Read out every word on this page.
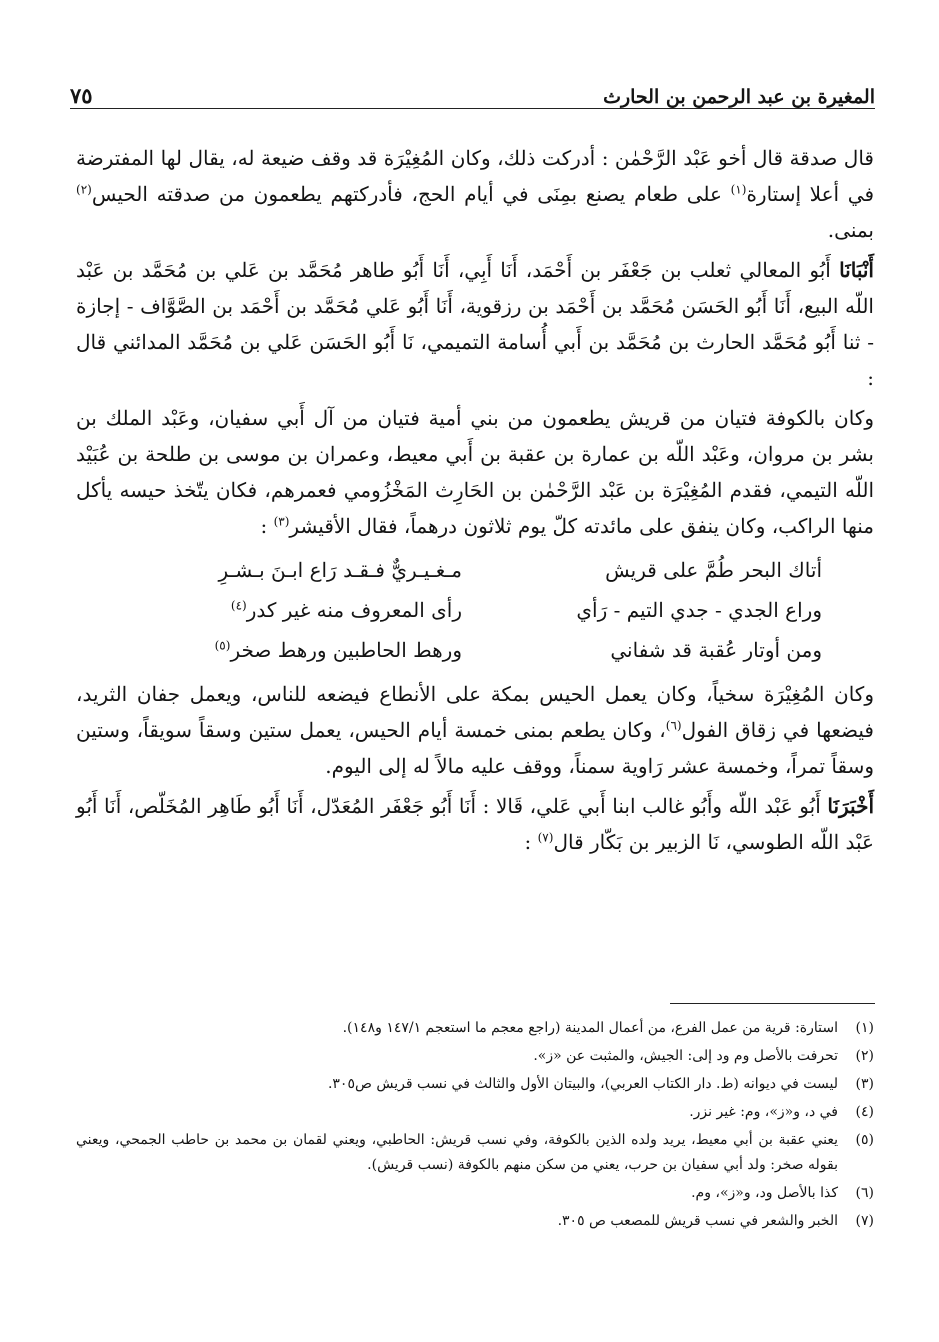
٧٥	المغيرة بن عبد الرحمن بن الحارث

قال صدقة قال أخو عَبْد الرَّحْمٰن : أدركت ذلك، وكان المُغِيْرَة قد وقف ضيعة له، يقال لها المفترضة في أعلا إستارة$^{(١)}$ على طعام يصنع بمِنَى في أيام الحج، فأدركتهم يطعمون من صدقته الحيس$^{(٢)}$ بمنى.

أَنْبَانَا أَبُو المعالي ثعلب بن جَعْفَر بن أَحْمَد، أَنَا أَبِي، أَنَا أَبُو طاهر مُحَمَّد بن عَلي بن مُحَمَّد بن عَبْد اللّه البيع، أَنَا أَبُو الحَسَن مُحَمَّد بن أَحْمَد بن رزقوية، أَنَا أَبُو عَلي مُحَمَّد بن أَحْمَد بن الصَّوَّاف - إجازة - ثنا أَبُو مُحَمَّد الحارث بن مُحَمَّد بن أَبي أُسامة التميمي، نَا أَبُو الحَسَن عَلي بن مُحَمَّد المدائني قال :

وكان بالكوفة فتيان من قريش يطعمون من بني أمية فتيان من آل أَبي سفيان، وعَبْد الملك بن بشر بن مروان، وعَبْد اللّه بن عمارة بن عقبة بن أَبي معيط، وعمران بن موسى بن طلحة بن عُبَيْد اللّه التيمي، فقدم المُغِيْرَة بن عَبْد الرَّحْمٰن بن الحَارِث المَخْزُومي فعمرهم، فكان يتّخذ حيسه يأكل منها الراكب، وكان ينفق على مائدته كلّ يوم ثلاثون درهماً، فقال الأقيشر$^{(٣)}$ :

أتاك البحر طُمَّ على قريش
مـغـيـريٌّ فـقـد رَاع ابـنَ بـشـرِ
وراع الجدي - جدي التيم - رَأي
رأى المعروف منه غير كدر$^{(٤)}$
ومن أوتار عُقبة قد شفاني
ورهط الحاطبين ورهط صخر$^{(٥)}$

وكان المُغِيْرَة سخياً، وكان يعمل الحيس بمكة على الأنطاع فيضعه للناس، ويعمل جفان الثريد، فيضعها في زقاق الفول$^{(٦)}$، وكان يطعم بمنى خمسة أيام الحيس، يعمل ستين وسقاً سويقاً، وستين وسقاً تمراً، وخمسة عشر رَاوية سمناً، ووقف عليه مالاً له إلى اليوم.

أَخْبَرَنَا أَبُو عَبْد اللّه وأَبُو غالب ابنا أَبي عَلي، قَالا : أَنَا أَبُو جَعْفَر المُعَدّل، أَنَا أَبُو طَاهِر المُخَلّص، أَنَا أَبُو عَبْد اللّه الطوسي، نَا الزبير بن بَكّار قال$^{(٧)}$ :

(١)
استارة: قرية من عمل الفرع، من أعمال المدينة (راجع معجم ما استعجم ١٤٧/١ و١٤٨).
(٢)
تحرفت بالأصل وم ود إلى: الجيش، والمثبت عن «ز».
(٣)
ليست في ديوانه (ط. دار الكتاب العربي)، والبيتان الأول والثالث في نسب قريش ص٣٠٥.
(٤)
في د، و«ز»، وم: غير نزر.
(٥)
يعني عقبة بن أبي معيط، يريد ولده الذين بالكوفة، وفي نسب قريش: الحاطبي، ويعني لقمان بن محمد بن حاطب الجمحي، ويعني بقوله صخر: ولد أبي سفيان بن حرب، يعني من سكن منهم بالكوفة (نسب قريش).
(٦)
كذا بالأصل ود، و«ز»، وم.
(٧)
الخبر والشعر في نسب قريش للمصعب ص ٣٠٥.
